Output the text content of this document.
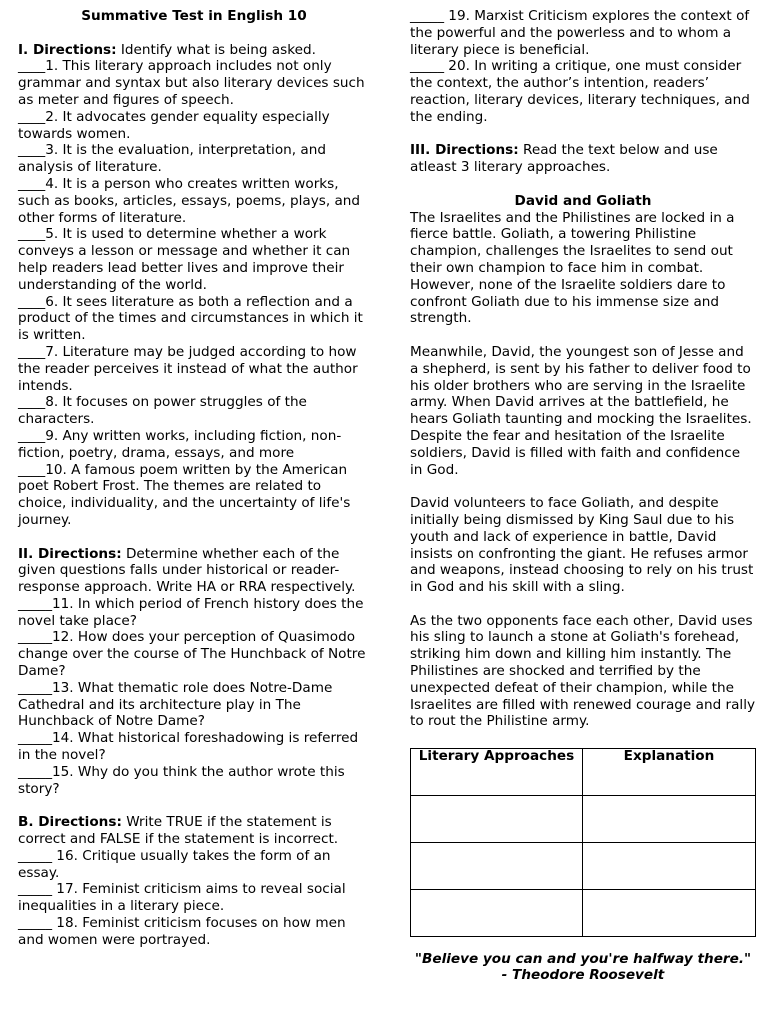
Summative Test in English 10

I. Directions: Identify what is being asked.

____1. This literary approach includes not only grammar and syntax but also literary devices such as meter and figures of speech.

____2. It advocates gender equality especially towards women.

____3. It is the evaluation, interpretation, and analysis of literature.

____4. It is a person who creates written works, such as books, articles, essays, poems, plays, and other forms of literature.

____5. It is used to determine whether a work conveys a lesson or message and whether it can help readers lead better lives and improve their understanding of the world.

____6. It sees literature as both a reflection and a product of the times and circumstances in which it is written.

____7. Literature may be judged according to how the reader perceives it instead of what the author intends.

____8. It focuses on power struggles of the characters.

____9. Any written works, including fiction, non-fiction, poetry, drama, essays, and more

____10. A famous poem written by the American poet Robert Frost. The themes are related to choice, individuality, and the uncertainty of life's journey.

II. Directions: Determine whether each of the given questions falls under historical or reader-response approach. Write HA or RRA respectively.

_____11. In which period of French history does the novel take place?

_____12. How does your perception of Quasimodo change over the course of The Hunchback of Notre Dame?

_____13. What thematic role does Notre-Dame Cathedral and its architecture play in The Hunchback of Notre Dame?

_____14. What historical foreshadowing is referred in the novel?

_____15. Why do you think the author wrote this story?

B. Directions: Write TRUE if the statement is correct and FALSE if the statement is incorrect.

_____ 16. Critique usually takes the form of an essay.

_____ 17. Feminist criticism aims to reveal social inequalities in a literary piece.

_____ 18. Feminist criticism focuses on how men and women were portrayed.

_____ 19. Marxist Criticism explores the context of the powerful and the powerless and to whom a literary piece is beneficial.

_____ 20. In writing a critique, one must consider the context, the author’s intention, readers’ reaction, literary devices, literary techniques, and the ending.

III. Directions: Read the text below and use atleast 3 literary approaches.

David and Goliath

The Israelites and the Philistines are locked in a fierce battle. Goliath, a towering Philistine champion, challenges the Israelites to send out their own champion to face him in combat. However, none of the Israelite soldiers dare to confront Goliath due to his immense size and strength.

Meanwhile, David, the youngest son of Jesse and a shepherd, is sent by his father to deliver food to his older brothers who are serving in the Israelite army. When David arrives at the battlefield, he hears Goliath taunting and mocking the Israelites. Despite the fear and hesitation of the Israelite soldiers, David is filled with faith and confidence in God.

David volunteers to face Goliath, and despite initially being dismissed by King Saul due to his youth and lack of experience in battle, David insists on confronting the giant. He refuses armor and weapons, instead choosing to rely on his trust in God and his skill with a sling.

As the two opponents face each other, David uses his sling to launch a stone at Goliath's forehead, striking him down and killing him instantly. The Philistines are shocked and terrified by the unexpected defeat of their champion, while the Israelites are filled with renewed courage and rally to rout the Philistine army.

Literary Approaches	Explanation

"Believe you can and you're halfway there." - Theodore Roosevelt
